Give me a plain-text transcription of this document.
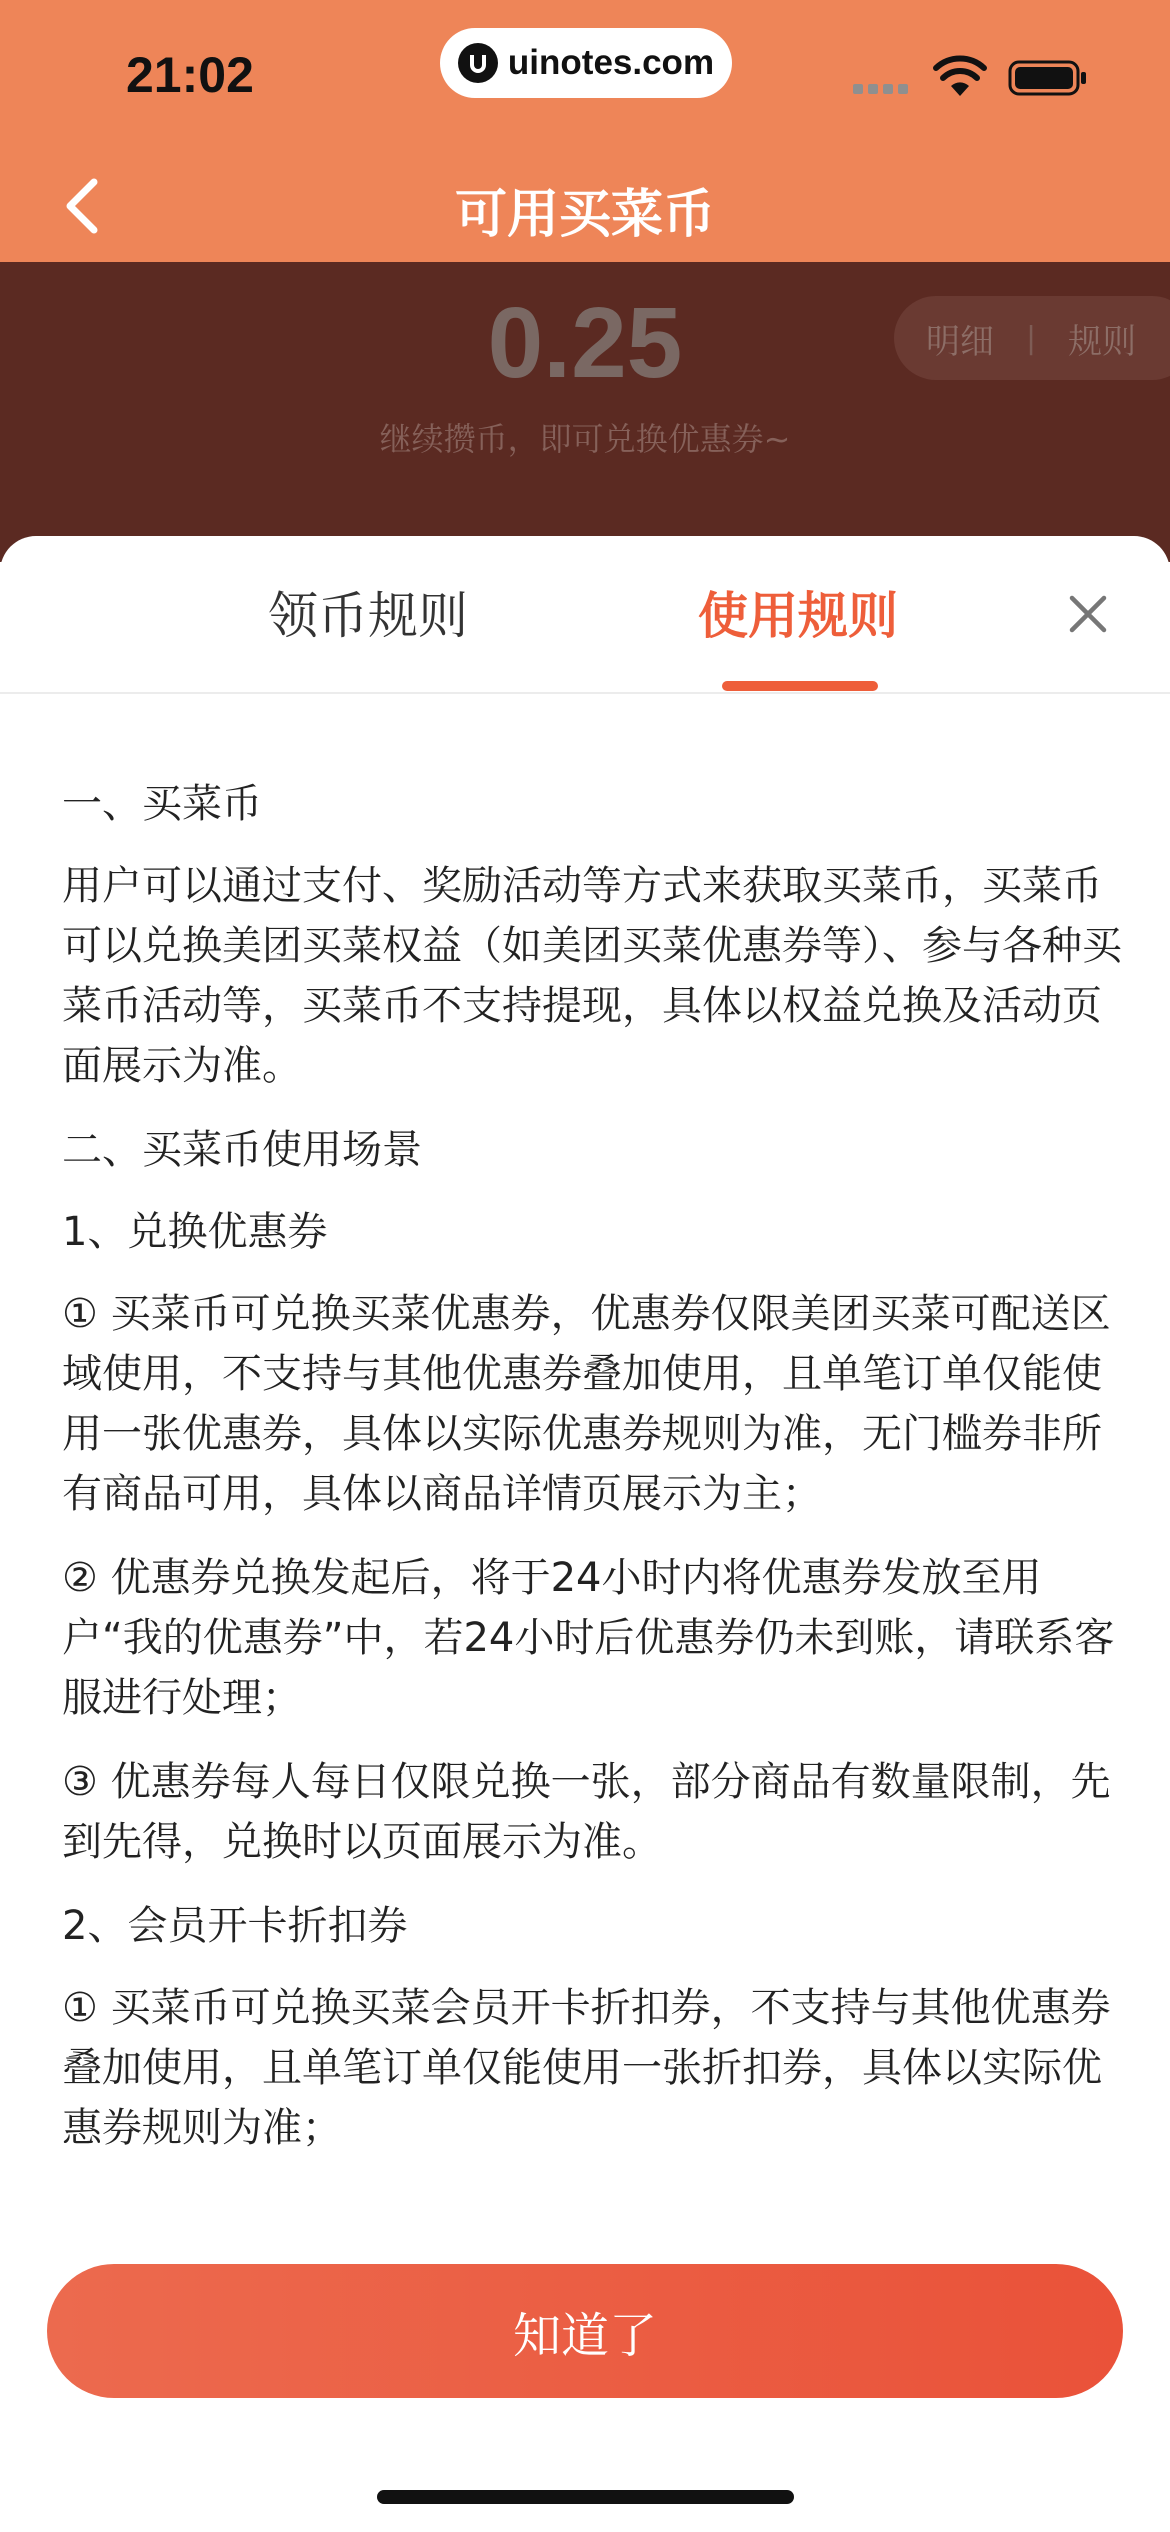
21:02	uinotes.com
可用买菜币
0.25
继续攒币，即可兑换优惠券~
明细 | 规则
领币规则	使用规则

一、买菜币

用户可以通过支付、奖励活动等方式来获取买菜币，买菜币可以兑换美团买菜权益（如美团买菜优惠券等）、参与各种买菜币活动等，买菜币不支持提现，具体以权益兑换及活动页面展示为准。

二、买菜币使用场景

1、兑换优惠券

① 买菜币可兑换买菜优惠券，优惠券仅限美团买菜可配送区域使用，不支持与其他优惠券叠加使用，且单笔订单仅能使用一张优惠券，具体以实际优惠券规则为准，无门槛券非所有商品可用，具体以商品详情页展示为主；

② 优惠券兑换发起后，将于24小时内将优惠券发放至用户“我的优惠券”中，若24小时后优惠券仍未到账，请联系客服进行处理；

③ 优惠券每人每日仅限兑换一张，部分商品有数量限制，先到先得，兑换时以页面展示为准。

2、会员开卡折扣券

① 买菜币可兑换买菜会员开卡折扣券，不支持与其他优惠券叠加使用，且单笔订单仅能使用一张折扣券，具体以实际优惠券规则为准；

知道了
